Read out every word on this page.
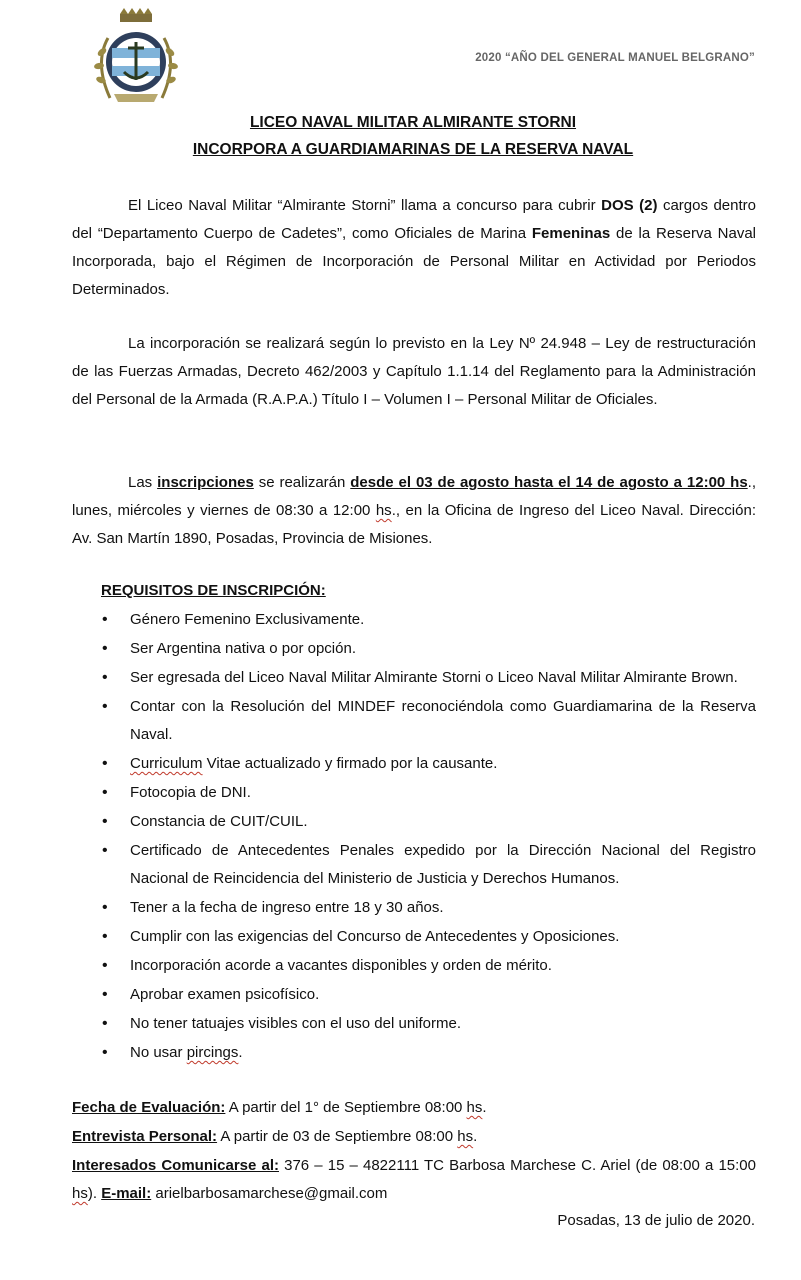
2020 “AÑO DEL GENERAL MANUEL BELGRANO”
LICEO NAVAL MILITAR ALMIRANTE STORNI
INCORPORA A GUARDIAMARINAS DE LA RESERVA NAVAL

El Liceo Naval Militar “Almirante Storni” llama a concurso para cubrir DOS (2) cargos dentro del “Departamento Cuerpo de Cadetes”, como Oficiales de Marina Femeninas de la Reserva Naval Incorporada, bajo el Régimen de Incorporación de Personal Militar en Actividad por Periodos Determinados.

La incorporación se realizará según lo previsto en la Ley Nº 24.948 – Ley de restructuración de las Fuerzas Armadas, Decreto 462/2003 y Capítulo 1.1.14 del Reglamento para la Administración del Personal de la Armada (R.A.P.A.) Título I – Volumen I – Personal Militar de Oficiales.

Las inscripciones se realizarán desde el 03 de agosto hasta el 14 de agosto a 12:00 hs., lunes, miércoles y viernes de 08:30 a 12:00 hs., en la Oficina de Ingreso del Liceo Naval. Dirección: Av. San Martín 1890, Posadas, Provincia de Misiones.

REQUISITOS DE INSCRIPCIÓN:
• Género Femenino Exclusivamente.
• Ser Argentina nativa o por opción.
• Ser egresada del Liceo Naval Militar Almirante Storni o Liceo Naval Militar Almirante Brown.
• Contar con la Resolución del MINDEF reconociéndola como Guardiamarina de la Reserva Naval.
• Curriculum Vitae actualizado y firmado por la causante.
• Fotocopia de DNI.
• Constancia de CUIT/CUIL.
• Certificado de Antecedentes Penales expedido por la Dirección Nacional del Registro Nacional de Reincidencia del Ministerio de Justicia y Derechos Humanos.
• Tener a la fecha de ingreso entre 18 y 30 años.
• Cumplir con las exigencias del Concurso de Antecedentes y Oposiciones.
• Incorporación acorde a vacantes disponibles y orden de mérito.
• Aprobar examen psicofísico.
• No tener tatuajes visibles con el uso del uniforme.
• No usar pircings.

Fecha de Evaluación: A partir del 1° de Septiembre 08:00 hs.

Entrevista Personal: A partir de 03 de Septiembre 08:00 hs.

Interesados Comunicarse al: 376 – 15 – 4822111 TC Barbosa Marchese C. Ariel (de 08:00 a 15:00 hs). E-mail: arielbarbosamarchese@gmail.com

Posadas, 13 de julio de 2020.
